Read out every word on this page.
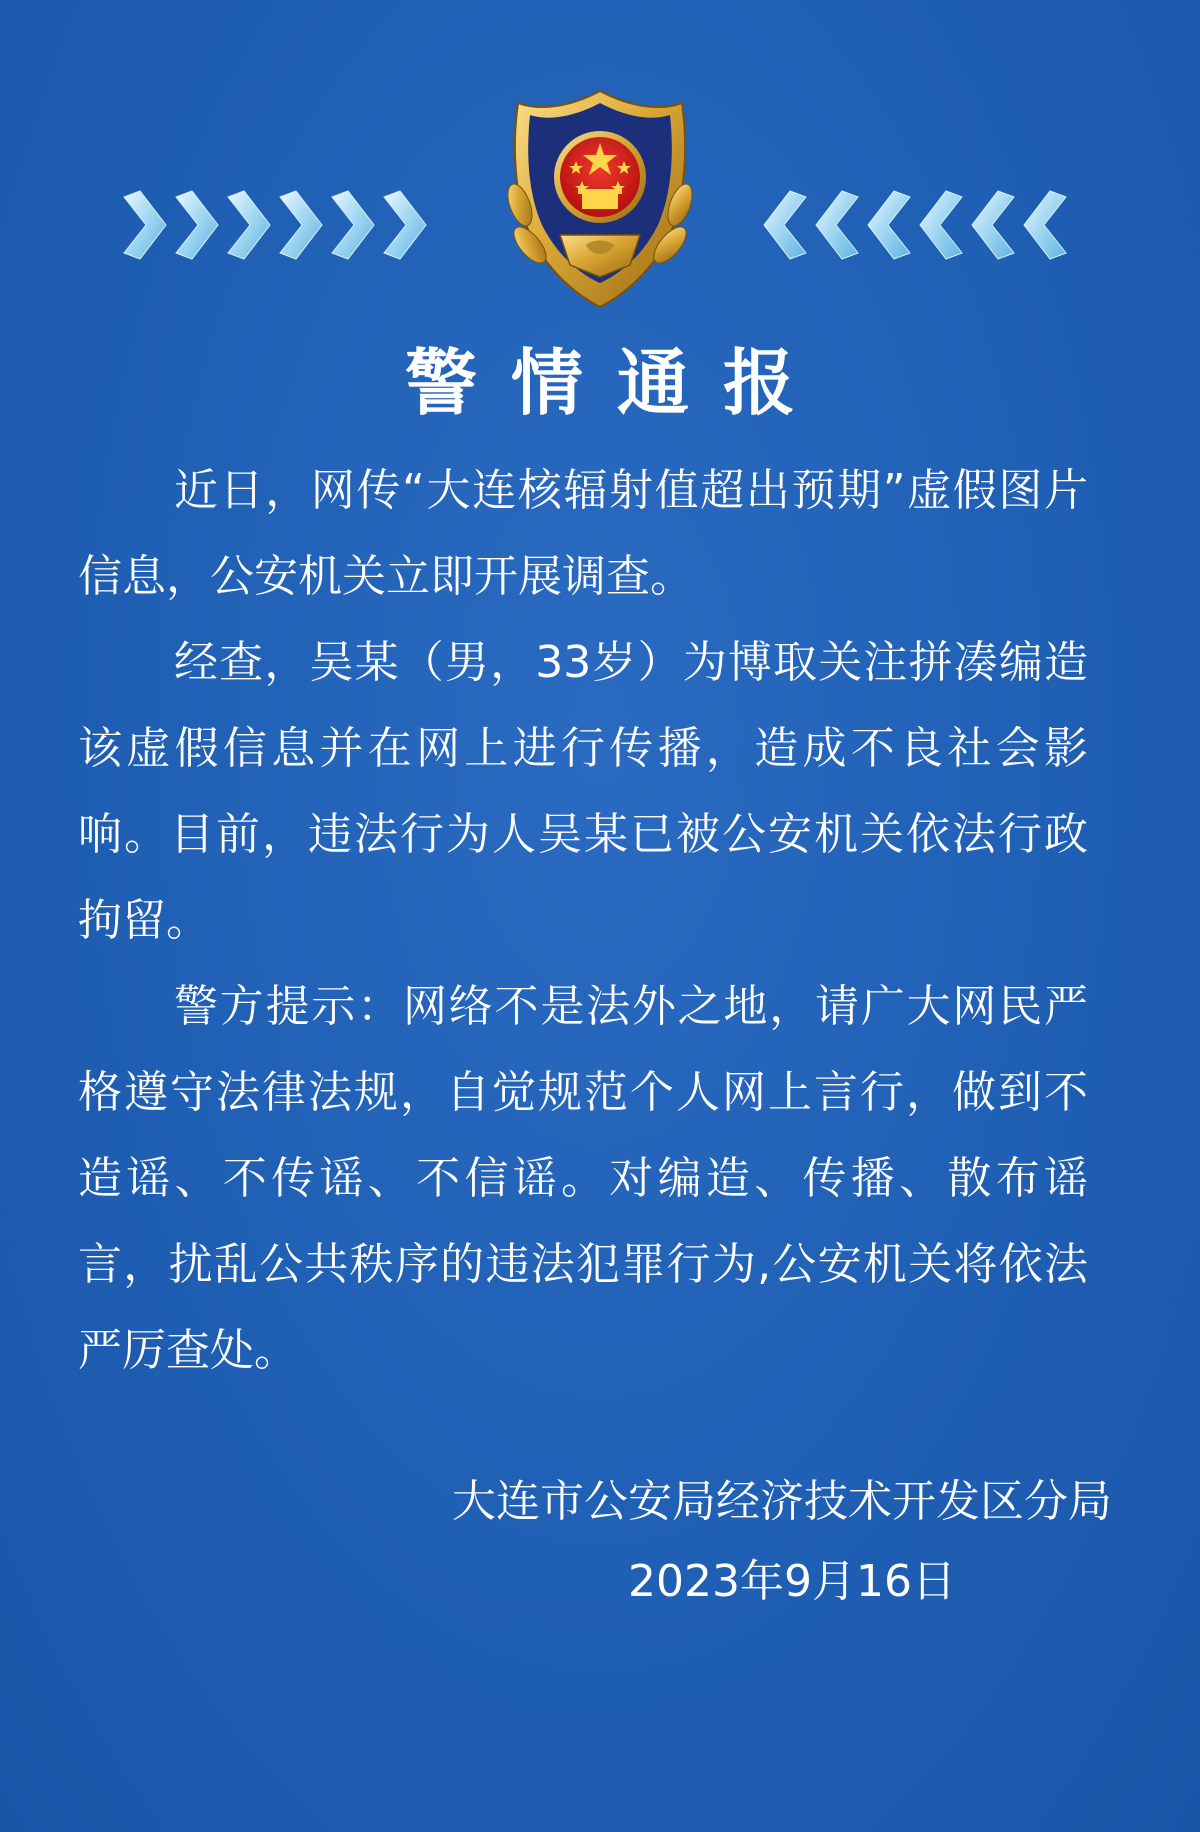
警情通报

近日，网传“大连核辐射值超出预期”虚假图片信息，公安机关立即开展调查。

经查，吴某（男，33岁）为博取关注拼凑编造该虚假信息并在网上进行传播，造成不良社会影响。目前，违法行为人吴某已被公安机关依法行政拘留。

警方提示：网络不是法外之地，请广大网民严格遵守法律法规，自觉规范个人网上言行，做到不造谣、不传谣、不信谣。对编造、传播、散布谣言，扰乱公共秩序的违法犯罪行为,公安机关将依法严厉查处。

大连市公安局经济技术开发区分局
2023年9月16日
